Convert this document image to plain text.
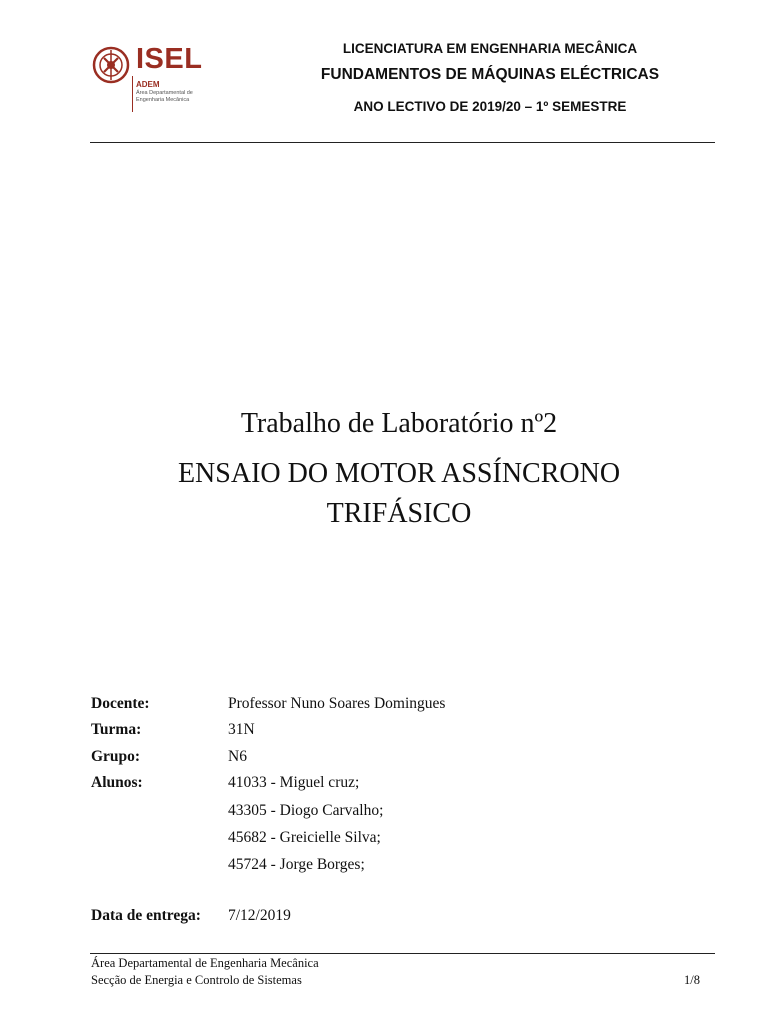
ISEL
ADEM
Área Departamental de Engenharia Mecânica
LICENCIATURA EM ENGENHARIA MECÂNICA
FUNDAMENTOS DE MÁQUINAS ELÉCTRICAS
ANO LECTIVO DE 2019/20 – 1º SEMESTRE
Trabalho de Laboratório nº2
ENSAIO DO MOTOR ASSÍNCRONO
TRIFÁSICO
Docente:	Professor Nuno Soares Domingues
Turma:	31N
Grupo:	N6
Alunos:	41033 - Miguel cruz;
43305 - Diogo Carvalho;
45682 - Greicielle Silva;
45724 - Jorge Borges;
Data de entrega: 7/12/2019
Área Departamental de Engenharia Mecânica
Secção de Energia e Controlo de Sistemas	1/8
